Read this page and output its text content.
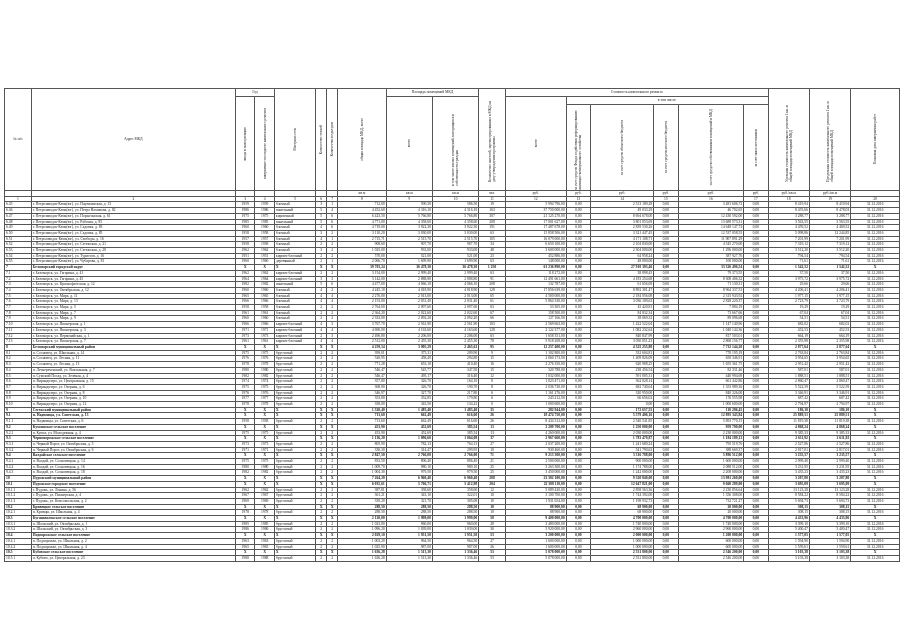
№ п/п	Адрес МКД	Год		Материал стен	Количество этажей	Количество подъездов	общая площадь МКД, всего	Площадь помещений МКД		Количество жителей, зарегистрированных в МКД на дату утверждения программы	Стоимость капитального ремонта						Удельная стоимость капитального ремонта 1 кв. м общей площади помещений МКД	Предельная стоимость капитального ремонта 1 кв. м общей площади помещений МКД	Плановая дата завершения работ

		ввода в эксплуатацию	завершение последнего капитального ремонта					всего	в том числе жилых помещений, находящихся в собственности граждан		всего	в том числе:							

												за счет средств Фонда содействия реформированию жилищно-коммунального хозяйства	за счет средств областного бюджета	за счет средств местного бюджета	за счет средств собственников помещений в МКД	за счет иных источников			

							кв.м	кв.м	кв.м	чел.	руб.	руб.	руб.	руб.	руб.	руб.	руб./кв.м	руб./кв.м	
1	2	3	4	5	6	7	8	9	10	11	12	13	14	15	16	17	18	19	20
6.45	г. Петрозаводск-Кемь(юг), ул. Партизанская, д. 13	1959	1959	блочный	3	1	712,00	590,50	586,50	19	5 994 796,00	0,00	2 513 189,28	0,00	3 481 606,72	0,00	8 419,94	8 419,94	31.12.2016
6.46	г. Петрозаводск-Кемь(юг), ул. Петра Нахимова, д. 82	1986	1986	панельный	5	4	4 452,60	4 316,10	4 316,10	163	37 750 000,00	0,00	49 033,29	0,00	46 702,65	0,00	8 455,66	8 478,03	31.12.2016
6.47	г. Петрозаводск-Кемь(юг), ул. Порыгинская, д. 61	1975	1975	кирпичный	5	6	6 423,50	5 766,80	5 766,80	307	21 125 270,00	0,00	8 694 678,00	0,00	12 430 592,00	0,00	3 288,77	3 288,77	31.12.2016
6.48	г. Петрозаводск-Кемь(юг), ул. Рабочая, д. 85	1985	1985	панельный	5	6	4 771,00	4 358,60	4 358,60	208	17 001 627,00	0,00	3 801 053,69	0,00	13 689 573,31	0,00	3 563,55	3 563,55	31.12.2016
6.49	г. Петрозаводск-Кемь(юг), ул. Садовая, д. 83	1960	1960	блочный	4	6	4 719,00	3 922,30	3 922,30	191	17 487 678,00	0,00	2 839 530,26	0,00	14 648 147,74	0,00	4 459,52	4 469,52	31.12.2016
6.50	г. Петрозаводск-Кемь(юг), ул. Садовая, д. 85	1958	1958	блочный	3	2	3 110,20	3 030,00	3 030,00	63	15 858 506,00	0,00	3 321 447,45	0,00	12 537 058,55	0,00	5 098,86	12 244,85	31.12.2016
6.51	г. Петрozаводск-Кемь(юг), ул. Свободы, д. 16	1957	1957	блочный	4	1	2 715,71	2 515,70	2 515,70	105	16 079 000,00	0,00	4 171 108,71	0,00	11 907 891,29	0,00	7 201,99	7 201,99	31.12.2016
6.52	г. Петрозаводск-Кемь(юг), ул. Сегежская, д. 21	1958	1958	блочный	2	2	908,60	907,70	907,70	34	6 650 100,00	0,00	2 104 830,00	0,00	4 545 270,00	0,00	7 319,12	7 319,12	31.12.2016
6.53	г. Петрозаводск-Кемь(юг), ул. Сегежская, д. 28	1962	1962	блочный	3	2	1 025,00	933,00	933,00	48	3 600 000,00	0,00	2 304 000,00	0,00	1 296 000,00	0,00	3 512,20	3 512,20	31.12.2016
6.54	г. Петрозаводск-Кемь(юг), ул. Туристов, д. 16	1951	1951	кирпич-блочный	2	2	570,00	521,00	521,00	23	452 886,00	0,00	64 958,24	0,00	387 927,76	0,00	794,54	794,54	31.12.2016
6.55	г. Петрозаводск-Кемь(юг), ул. Чубарова, д. 81	1960	1960	деревянный	2	1	2 066,70	1 699,90	1 699,90	63	148 000,00	0,00	48 000,00	0,00	100 000,00	0,00	71,61	71,61	31.12.2016
7	Беломорский городской округ	X	X	X	X	X	39 703,24	36 478,30	36 478,30	1 250	61 236 890,00	0,00	27 910 393,46	0,00	33 326 496,54	0,00	1 542,52	1 542,52	X
7.1	г. Беломорск, ул. Гагарина, д. 41	1962	1962	кирпич-блочный	2	2	3 154,00	2 999,40	2 999,40	63	118 272,00	0,00	38 898,45	0,00	79 373,55	0,00	37,50	37,50	31.12.2016
7.2	г. Беломорск, ул. Гагарина, д. 45	1964	1964	кирпич-блочный	3	3	3 142,00	2 888,80	2 888,80	91	12 491 661,00	0,00	4 183 254,68	0,00	8 308 406,32	0,00	3 975,72	3 975,72	31.12.2016
7.3	г. Беломорск, ул. Краснофлотская, д. 12	1982	1982	панельный	5	6	4 477,00	4 066,10	4 066,10	208	132 787,00	0,00	61 656,69	0,00	71 130,31	0,00	29,66	29,66	31.12.2016
7.4	г. Беломорск, ул. Октябрьская, д. 12	1960	1960	блочный	4	2	4 245,10	4 018,90	4 018,90	128	17 856 639,00	0,00	8 892 301,47	0,00	8 964 337,53	0,00	4 206,41	4 206,41	31.12.2016
7.5	г. Беломорск, ул. Мира, д. 11	1965	1965	блочный	4	4	2 276,00	2 013,00	2 013,00	65	4 500 000,00	0,00	2 184 056,08	0,00	2 315 943,92	0,00	1 977,15	1 977,15	31.12.2016
7.6	г. Беломорск, ул. Мира, д. 13	1966	1966	блочный	4	4	2 153,00	2 031,40	2 031,40	61	5 864 330,00	0,00	3 036 109,63	0,00	2 828 220,37	0,00	2 723,79	2 723,79	31.12.2016
7.7	г. Беломорск, ул. Мира, д. 5	1958	1958	блочный	2	2	2 764,00	2 097,60	2 097,60	63	53 305,00	0,00	45 420,81	0,00	7 884,19	0,00	19,29	19,29	31.12.2016
7.8	г. Беломорск, ул. Мира, д. 7	1961	1961	блочный	2	2	2 364,20	2 022,60	2 022,60	67	158 500,00	0,00	84 832,34	0,00	73 667,66	0,00	67,04	67,04	31.12.2016
7.9	г. Беломорск, ул. Мира, д. 9	1960	1960	блочный	2	2	2 333,00	2 092,20	2 092,20	66	127 166,00	0,00	38 069,32	0,00	89 096,68	0,00	54,51	54,51	31.12.2016
7.10	г. Беломорск, ул. Пионерская, д. 1	1966	1966	кирпич-блочный	4	3	3 767,70	2 561,90	2 561,90	103	2 569 663,00	0,00	1 422 522,04	0,00	1 147 140,96	0,00	682,02	682,02	31.12.2016
7.11	г. Беломорск, ул. Пионерская, д. 3	1971	1971	кирпич-блочный	4	4	4 690,00	4 163,60	4 163,60	128	2 122 377,00	0,00	1 082 232,64	0,00	1 040 144,36	0,00	452,53	452,53	31.12.2016
7.12	г. Беломорск, ул. Первомайская, д. 1	1973	1973	кирпич-блочный	2	3	2 496,80	2 206,00	2 206,00	63	1 658 351,00	0,00	840 847,99	0,00	817 503,01	0,00	664,19	664,19	31.12.2016
7.13	г. Беломорск, ул. Пионерская, д. 7	1961	1961	кирпич-блочный	4	4	2 512,00	2 455,30	2 455,30	78	5 918 208,00	0,00	3 050 051,23	0,00	2 868 156,77	0,00	2 355,98	2 355,98	31.12.2016
8	Беломорский муниципальный район	X	X	X	X	X	4 259,54	3 905,29	2 465,62	95	12 257 400,00	0,00	4 525 255,80	0,00	7 732 144,20	0,00	2 877,64	2 877,64	X
8.1	п. Сосновец, ул. Школьная, д. 14	1975	1975	брусчатый	2	2	399,01	375,31	209,90	9	1 102 800,00	0,00	332 604,81	0,00	770 195,19	0,00	2 763,84	2 763,84	31.12.2016
8.2	п. Сосновец, ул. Лесная, д. 11	1976	1976	брусчатый	2	2	520,95	458,49	294,80	15	2 060 173,00	0,00	1 409 826,09	0,00	650 346,91	0,00	3 954,65	3 954,65	31.12.2016
8.3	п. Сосновец, ул. Лесная, д. 13	1978	1978	брусчатый	2	2	771,28	653,10	410,40	16	2 276 350,00	0,00	620 988,25	0,00	1 655 361,75	0,00	2 951,42	2 951,42	31.12.2016
8.4	п. Летнереченский, ул. Вокзальная, д. 7	1980	1980	брусчатый	2	2	546,47	545,77	347,50	15	320 788,00	0,00	238 456,54	0,00	82 331,46	0,00	587,01	587,01	31.12.2016
8.5	п. Сумский Посад, ул. Зеленая, д. 4	1982	1982	брусчатый	2	2	546,47	495,17	316,40	12	1 032 000,00	0,00	591 005,31	0,00	440 994,69	0,00	1 888,51	1 888,51	31.12.2016
8.6	п. Вирандозеро, ул. Центральная, д. 15	1974	1974	брусчатый	2	2	357,80	326,70	164,10	8	1 023 471,00	0,00	362 028,14	0,00	661 442,86	0,00	2 860,47	2 860,47	31.12.2016
8.7	п. Вирандозеро, ул. Озерная, д. 6	1975	1975	брусчатый	2	2	368,80	326,70	190,70	8	2 036 730,00	0,00	682 740,64	0,00	1 353 989,36	0,00	5 522,59	5 522,59	31.12.2016
8.8	п. Вирандозеро, ул. Озерная, д. 8	1976	1976	брусчатый	2	2	346,97	327,70	217,80	6	1 161 276,00	0,00	320 950,00	0,00	840 326,00	0,00	3 346,91	3 346,91	31.12.2016
8.9	п. Вирандозеро, ул. Озерная, д. 10	1977	1977	брусчатый	2	2	353,80	352,85	179,80	6	243 212,00	0,00	66 656,02	0,00	176 555,98	0,00	687,42	687,42	31.12.2016
8.10	п. Вирандозеро, ул. Озерная, д. 12	1978	1978	брусчатый	2	2	358,00	343,50	134,22	0	1 000 600,00	0,00	0,00	0,00	1 000 600,00	0,00	2 794,97	2 794,97	31.12.2016
9	Сегежский муниципальный район	X	X	X	X	X	1 520,40	1 483,40	1 483,40	35	282 944,00	0,00	172 657,55	0,00	110 286,45	0,00	186,10	186,10	X
9.1	п. Надвоицы, ул. Советская, д. 13	X	X	X	X	X	713,60	662,49	616,60	26	18 474 750,00	0,00	5 579 406,16	0,00	12 895 343,84	0,00	25 889,51	25 889,51	X
9.1.1	п. Надвоицы, ул. Советская, д. 6	1958	1958	брусчатый	2	2	713,60	662,49	616,60	26	8 434 312,00	0,00	2 540 541,85	0,00	5 893 770,15	0,00	11 819,38	11 819,38	31.12.2016
9.2	Кумсинское сельское поселение	X	X	X	X	X	453,90	452,69	385,54	13	2 209 700,00	0,00	1 250 000,00	0,00	959 700,00	0,00	4 868,24	4 868,24	X
9.2.1	п. Кумса, ул. Молодежная, д. 4	1975	1975	брусчатый	2	2	453,90	452,69	385,54	13	4 260 000,00	0,00	2 030 000,00	0,00	2 230 000,00	0,00	9 385,33	9 385,33	31.12.2016
9.3	Чернопорожское сельское поселение	X	X	X	X	X	1 136,20	1 096,60	1 064,08	37	2 967 660,00	0,00	1 783 470,87	0,00	1 184 189,13	0,00	2 611,92	2 611,92	X
9.3.1	п. Черный Порог, ул. Октябрьская, д. 5	1973	1973	брусчатый	2	2	805,90	782,13	764,13	27	2 037 200,00	0,00	1 241 680,24	0,00	795 519,76	0,00	2 527,86	2 527,86	31.12.2016
9.3.2	п. Черный Порог, ул. Октябрьская, д. 6	1971	1971	брусчатый	2	2	330,30	314,47	299,95	10	930 460,00	0,00	541 790,63	0,00	388 669,37	0,00	2 817,01	2 817,01	31.12.2016
9.4	Валдайское сельское поселение	X	X	X	X	X	2 847,50	2 766,00	2 766,00	71	9 213 300,00	0,00	3 316 788,00	0,00	5 896 512,00	0,00	3 235,57	3 235,57	X
9.4.1	п. Валдай, ул. Сосновецкая, д. 14	1975	1975	брусчатый	2	2	833,50	806,40	806,40	21	2 500 000,00	0,00	900 000,00	0,00	1 600 000,00	0,00	2 999,40	2 999,40	31.12.2016
9.4.2	п. Валдай, ул. Сосновецкая, д. 16	1980	1980	брусчатый	2	2	1 009,70	980,10	980,10	25	3 263 300,00	0,00	1 174 788,00	0,00	2 088 512,00	0,00	3 231,95	3 231,95	31.12.2016
9.4.3	п. Валдай, ул. Сосновецкая, д. 18	1982	1982	брусчатый	2	2	1 004,30	979,50	979,50	25	3 450 000,00	0,00	1 242 000,00	0,00	2 208 000,00	0,00	3 435,23	3 435,23	31.12.2016
10	Пудожский муниципальный район	X	X	X	X	X	7 264,20	6 960,40	6 960,40	208	23 302 100,00	0,00	9 320 840,00	0,00	13 981 260,00	0,00	3 207,80	3 207,80	X
10.1	Пудожское городское поселение	X	X	X	X	X	6 035,61	5 766,71	5 412,98	204	22 308 110,00	0,00	12 647 821,00	0,00	9 660 289,00	0,00	3 695,09	3 695,09	X
10.1.1	г. Пудожь, ул. Ленина, д. 56	1962	1962	брусчатый	2	2	387,81	358,60	358,60	12	5 089 420,00	0,00	2 858 563,36	0,00	2 230 856,64	0,00	13 123,28	13 123,28	31.12.2016
10.1.2	г. Пудожь, ул. Пионерская, д. 4	1967	1967	брусчатый	2	2	361,21	343,10	322,01	10	3 100 700,00	0,00	1 744 392,00	0,00	1 356 308,00	0,00	8 584,22	8 584,22	31.12.2016
10.1.3	г. Пудожь, ул. Комсомольская, д. 2	1969	1969	брусчатый	2	2	339,20	321,70	305,08	10	1 931 654,00	0,00	1 198 932,73	0,00	732 721,27	0,00	5 694,73	5 694,73	31.12.2016
10.2	Кривецкое сельское поселение	X	X	X	X	X	288,50	288,50	288,50	10	88 900,00	0,00	68 900,00	0,00	20 000,00	0,00	308,15	308,15	X
10.2.1	п. Кривцы, ул. Школьная, д. 4	1978	1978	брусчатый	2	2	288,50	288,50	288,50	10	88 900,00	0,00	68 900,00	0,00	20 000,00	0,00	308,15	308,15	31.12.2016
10.3	Куганаволокское сельское поселение	X	X	X	X	X	2 120,00	1 999,00	1 999,00	58	9 400 000,00	0,00	4 700 000,00	0,00	4 700 000,00	0,00	4 433,96	4 433,96	X
10.3.1	п. Шальский, ул. Октябрьская, д. 1	1985	1985	брусчатый	2	2	1 023,80	960,00	960,00	28	3 480 000,00	0,00	1 740 000,00	0,00	1 740 000,00	0,00	3 399,10	3 399,10	31.12.2016
10.3.2	п. Шальский, ул. Октябрьская, д. 3	1986	1986	брусчатый	2	2	1 096,20	1 039,00	1 039,00	30	5 920 000,00	0,00	2 960 000,00	0,00	2 960 000,00	0,00	5 400,47	5 400,47	31.12.2016
10.4	Подпорожское сельское поселение	X	X	X	X	X	2 029,10	1 951,50	1 951,50	53	3 200 000,00	0,00	2 000 000,00	0,00	1 200 000,00	0,00	1 577,05	1 577,05	X
10.4.1	п. Подпорожье, ул. Школьная, д. 2	1963	1963	брусчатый	2	2	1 003,20	964,50	964,50	27	1 600 000,00	0,00	1 000 000,00	0,00	600 000,00	0,00	1 594,90	1 594,90	31.12.2016
10.4.2	п. Подпорожье, ул. Школьная, д. 4	1965	1965	брусчатый	2	2	1 025,90	987,00	987,00	26	1 600 000,00	0,00	1 000 000,00	0,00	600 000,00	0,00	1 559,61	1 559,61	31.12.2016
10.5	Кубовское сельское поселение	X	X	X	X	X	1 636,28	1 513,30	1 336,46	53	5 078 000,00	0,00	2 531 800,00	0,00	2 546 200,00	0,00	3 103,38	3 103,38	X
10.5.1	п. Кубово, ул. Центральная, д. 23	1988	1988	брусчатый	2	2	1 636,28	1 513,30	1 336,46	53	5 078 000,00	0,00	2 531 800,00	0,00	2 546 200,00	0,00	3 103,38	3 103,38	31.12.2016
